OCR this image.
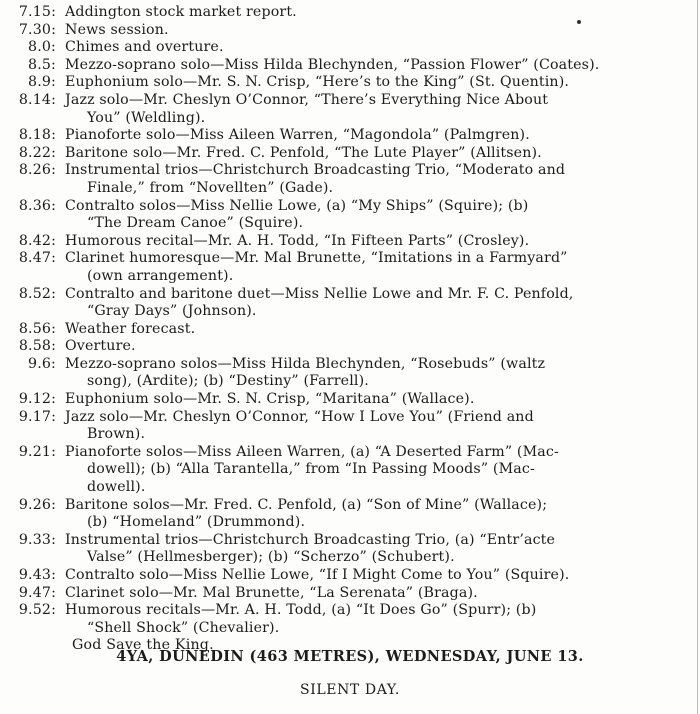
7.15: Addington stock market report.
7.30: News session.
8.0: Chimes and overture.
8.5: Mezzo-soprano solo—Miss Hilda Blechynden, “Passion Flower” (Coates).
8.9: Euphonium solo—Mr. S. N. Crisp, “Here’s to the King” (St. Quentin).
8.14: Jazz solo—Mr. Cheslyn O’Connor, “There’s Everything Nice About
You” (Weldling).
8.18: Pianoforte solo—Miss Aileen Warren, “Magondola” (Palmgren).
8.22: Baritone solo—Mr. Fred. C. Penfold, “The Lute Player” (Allitsen).
8.26: Instrumental trios—Christchurch Broadcasting Trio, “Moderato and
Finale,” from “Novellten” (Gade).
8.36: Contralto solos—Miss Nellie Lowe, (a) “My Ships” (Squire); (b)
“The Dream Canoe” (Squire).
8.42: Humorous recital—Mr. A. H. Todd, “In Fifteen Parts” (Crosley).
8.47: Clarinet humoresque—Mr. Mal Brunette, “Imitations in a Farmyard”
(own arrangement).
8.52: Contralto and baritone duet—Miss Nellie Lowe and Mr. F. C. Penfold,
“Gray Days” (Johnson).
8.56: Weather forecast.
8.58: Overture.
9.6: Mezzo-soprano solos—Miss Hilda Blechynden, “Rosebuds” (waltz
song), (Ardite); (b) “Destiny” (Farrell).
9.12: Euphonium solo—Mr. S. N. Crisp, “Maritana” (Wallace).
9.17: Jazz solo—Mr. Cheslyn O’Connor, “How I Love You” (Friend and
Brown).
9.21: Pianoforte solos—Miss Aileen Warren, (a) “A Deserted Farm” (Mac-
dowell); (b) “Alla Tarantella,” from “In Passing Moods” (Mac-
dowell).
9.26: Baritone solos—Mr. Fred. C. Penfold, (a) “Son of Mine” (Wallace);
(b) “Homeland” (Drummond).
9.33: Instrumental trios—Christchurch Broadcasting Trio, (a) “Entr’acte
Valse” (Hellmesberger); (b) “Scherzo” (Schubert).
9.43: Contralto solo—Miss Nellie Lowe, “If I Might Come to You” (Squire).
9.47: Clarinet solo—Mr. Mal Brunette, “La Serenata” (Braga).
9.52: Humorous recitals—Mr. A. H. Todd, (a) “It Does Go” (Spurr); (b)
“Shell Shock” (Chevalier).
God Save the King.
4YA, DUNEDIN (463 METRES), WEDNESDAY, JUNE 13.
SILENT DAY.
